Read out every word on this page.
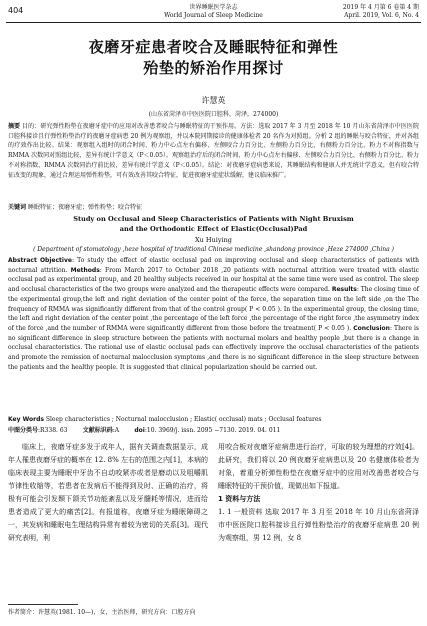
404	世界睡眠医学杂志
World Journal of Sleep Medicine
2019 年 4 月第 6 卷第 4 期
April. 2019, Vol. 6, No. 4
夜磨牙症患者咬合及睡眠特征和弹性
殆垫的矫治作用探讨
许慧英
(山东省菏泽市中医医院口腔科，菏泽，274000)
摘要 目的：研究弹性粉垫在夜磨牙症中的应用对改善患者咬合与睡眠特征的干预作用。方法：选取 2017 年 3 月至 2018 年 10 月山东省菏泽市中医医院口腔科接诊且行弹性粉垫治疗的夜磨牙症病患 20 例为观察组，并以本院同期接诊的健康体检者 20 名作为对照组。分析 2 组的睡眠与咬合特征，并对各组的疗效作出比较。结果：观察组入组时的闭合时间、粉力中心点左右偏移、左侧咬合力百分比、左侧粉力百分比、右侧粉力百分比、粉力不对称指数与 RMMA 次数同对照组比较，差异有统计学意义（P＜0.05）。观察组治疗后的闭合时间、粉力中心点左右偏移、左侧咬合力百分比、右侧粉力百分比、粉力不对称指数、RMMA 次数同治疗前比较，差异有统计学意义（P＜0.05）。结论：对夜磨牙症病患来说，其睡眠结构和健康人并无统计学意义，但有咬合特征改变的现象，通过合理运用弹性粉垫，可有效改善其咬合特征，促进夜磨牙症症状缓解，建议临床推广。
关键词 睡眠特征；夜磨牙症；弹性粉垫；咬合特征
Study on Occlusal and Sleep Characteristics of Patients with Night Bruxism
and the Orthodontic Effect of Elastic(Occlusal)Pad
Xu Huiying
( Department of stomatology ,heze hospital of traditional Chinese medicine ,shandong province ,Heze 274000 ,China )
Abstract Objective: To study the effect of elastic occlusal pad on improving occlusal and sleep characteristics of patients with nocturnal attrition. Methods: From March 2017 to October 2018 ,20 patients with nocturnal attrition were treated with elastic occlusal pad as experimental group, and 20 healthy subjects received in our hospital at the same time were used as control. The sleep and occlusal characteristics of the two groups were analyzed and the therapeutic effects were compared. Results: The closing time of the experimental group,the left and right deviation of the center point of the force, the separation time on the left side ,on the The frequency of RMMA was significantly different from that of the control group( P < 0.05 ). In the experimental group, the closing time, the left and right deviation of the center point ,the percentage of the left force ,the percentage of the right force ,the asymmetry index of the force ,and the number of RMMA were significantly different from those before the treatment( P < 0.05 ). Conclusion: There is no significant difference in sleep structure between the patients with nocturnal molars and healthy people ,but there is a change in occlusal characteristics. The rational use of elastic occlusal pads can effectively improve the occlusal characteristics of the patients and promote the remission of nocturnal malocclusion symptoms ,and there is no significant difference in the sleep structure between the patients and the healthy people. It is suggested that clinical popularization should be carried out.
Key Words Sleep characteristics ; Nocturnal malocclusion ; Elastic( occlusal) mats ; Occlusal features
中图分类号:R338. 63	文献标识码:A	doi:10. 3969/j. issn. 2095 −7130. 2019. 04. 011
临床上，夜磨牙症多发于成年人，据有关调查数据显示，成年人罹患夜磨牙症的概率在 12. 8% 左右的范围之内[1]，本病的临床表现主要为睡眠中牙齿不自动咬紧亦或者是磨动以及咀嚼肌节律性收缩等，若患者在发病后不能得到及时、正确的治疗，将极有可能会引发颞下颌关节功能紊乱以及牙髓耗等情况，进而给患者造成了更大的痛苦[2]。有报道称，夜磨牙症为睡眠障碍之一，其发病和睡眠电生理结构异常有着较为密切的关系[3]。现代研究表明，利
用咬合板对夜磨牙症病患进行治疗，可取的较为理想的疗效[4]。此研究，我们将以 20 例夜磨牙症病患以及 20 名健康体检者为对象，着重分析弹性粉垫在夜磨牙症中的应用对改善患者咬合与睡眠特征的干预价值，现做出如下报道。
1 资料与方法
1. 1 一般资料 选取 2017 年 3 月至 2018 年 10 月山东省菏泽市中医医院口腔科接诊且行弹性粉垫治疗的夜磨牙症病患 20 例为观察组，男 12 例，女 8
作者简介：许慧英(1981. 10—)，女，主治医师，研究方向：口腔方向
